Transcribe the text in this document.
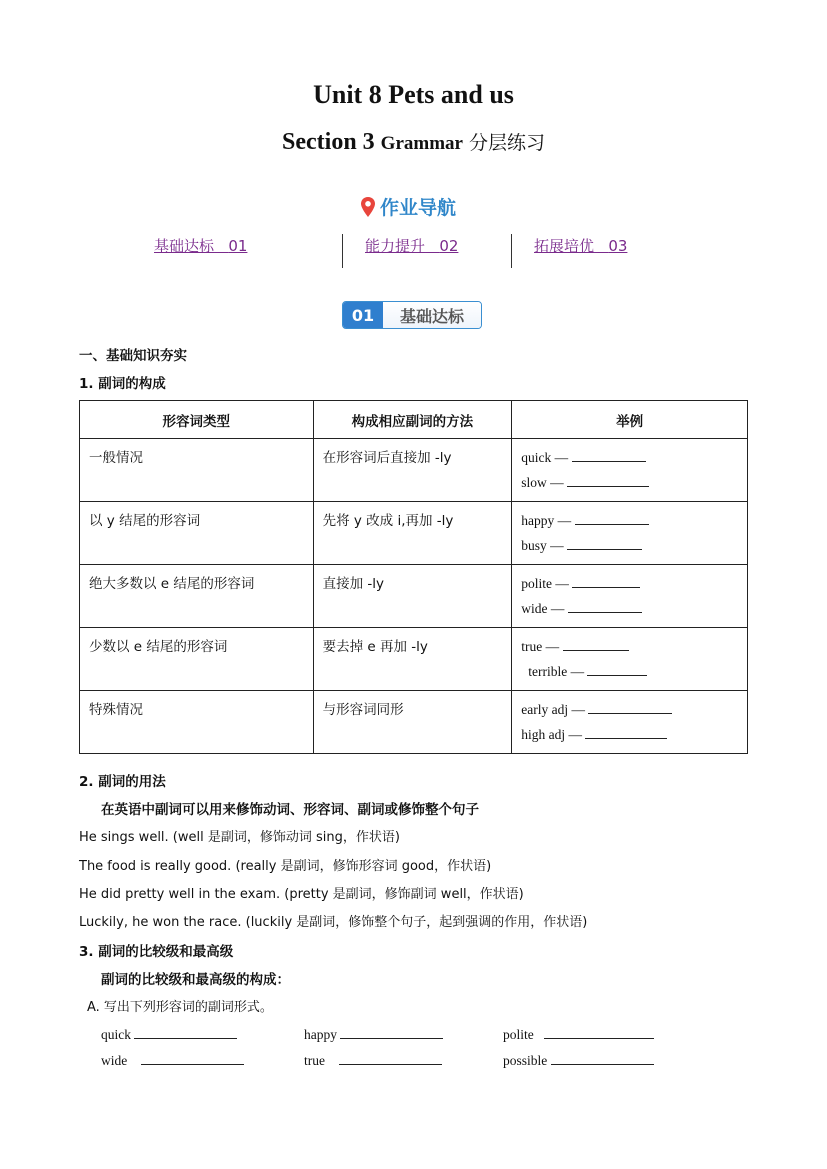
Unit 8 Pets and us
Section 3 Grammar 分层练习
作业导航
基础达标 01	能力提升 02	拓展培优 03
01	基础达标
一、基础知识夯实
1. 副词的构成
形容词类型	构成相应副词的方法	举例
一般情况	在形容词后直接加 -ly	quick —
slow —

以 y 结尾的形容词	先将 y 改成 i,再加 -ly	happy —
busy —

绝大多数以 e 结尾的形容词	直接加 -ly	polite —
wide —

少数以 e 结尾的形容词	要去掉 e 再加 -ly	true —
terrible —

特殊情况	与形容词同形	early adj —
high adj —
2. 副词的用法
在英语中副词可以用来修饰动词、形容词、副词或修饰整个句子
He sings well. (well 是副词，修饰动词 sing，作状语)
The food is really good. (really 是副词，修饰形容词 good，作状语)
He did pretty well in the exam. (pretty 是副词，修饰副词 well，作状语)
Luckily, he won the race. (luckily 是副词，修饰整个句子，起到强调的作用，作状语)
3. 副词的比较级和最高级
副词的比较级和最高级的构成：
A. 写出下列形容词的副词形式。
quick	happy	polite
wide	true	possible
